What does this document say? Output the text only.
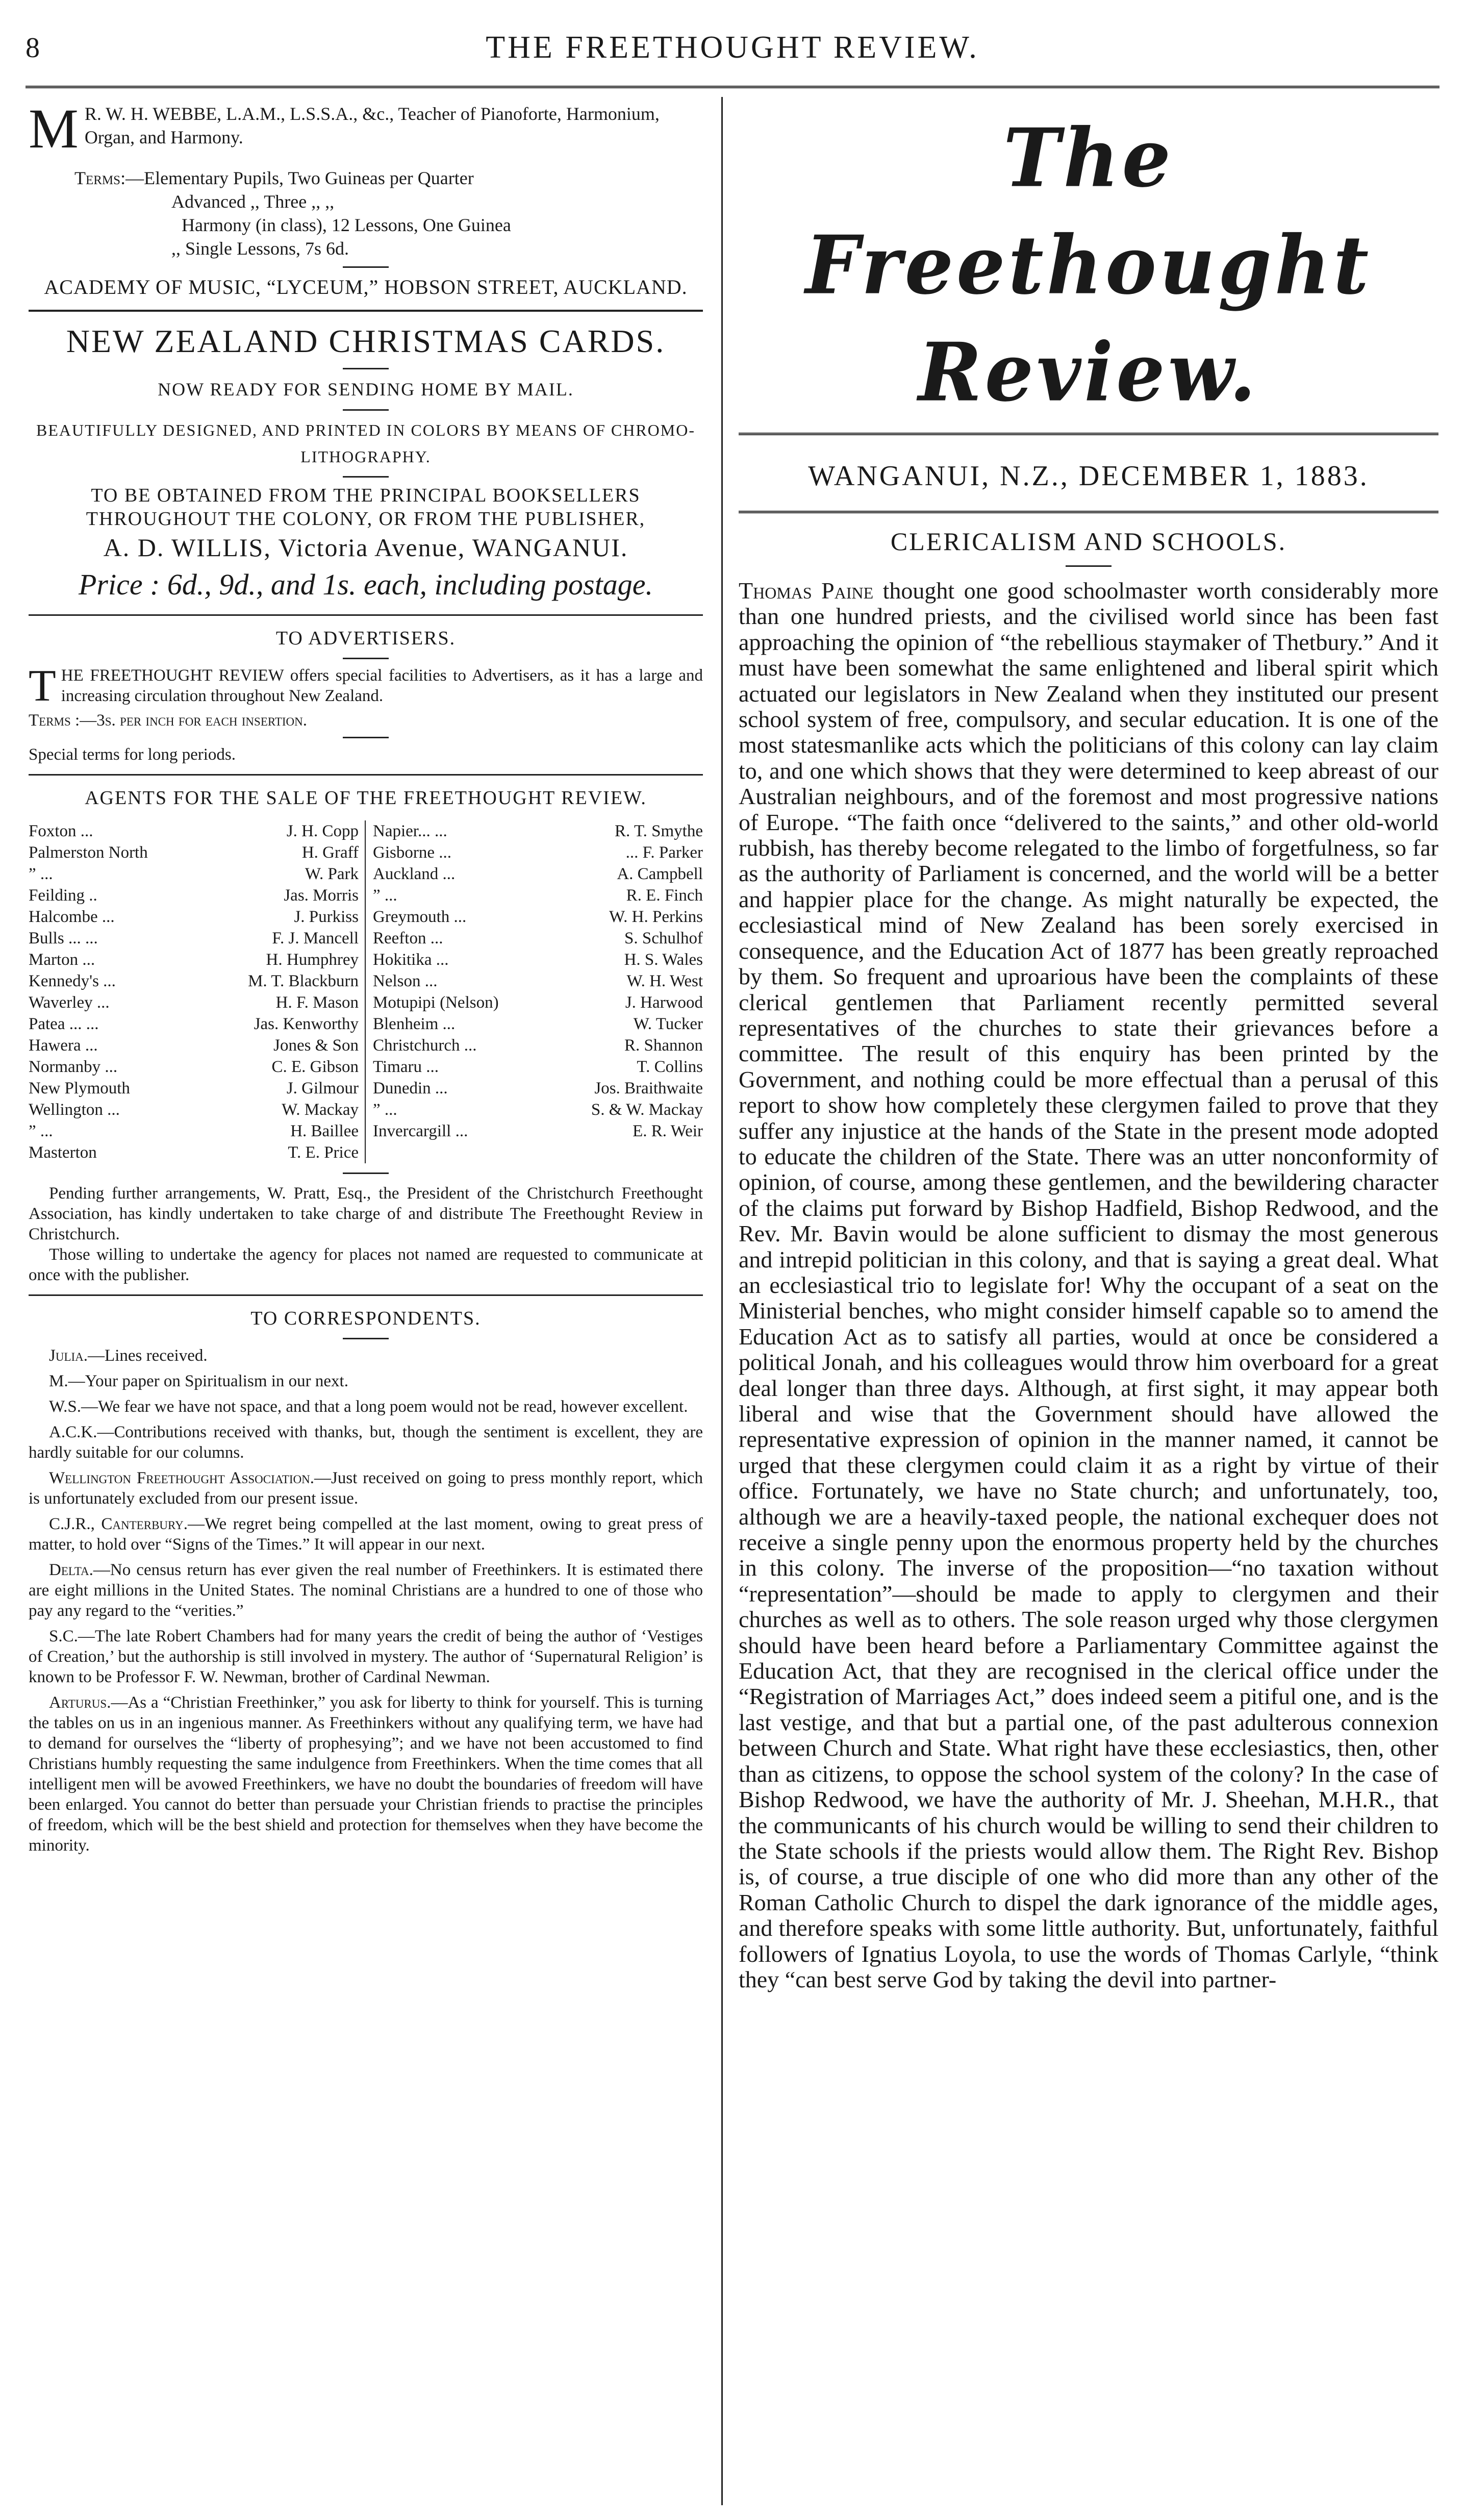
8	THE FREETHOUGHT REVIEW.
M R. W. H. WEBBE, L.A.M., L.S.S.A., &c., Teacher of Pianoforte, Harmonium, Organ, and Harmony.
Terms:—Elementary Pupils, Two Guineas per Quarter
Advanced ,, Three ,, ,,
Harmony (in class), 12 Lessons, One Guinea
,, Single Lessons, 7s 6d.
ACADEMY OF MUSIC, “LYCEUM,” HOBSON STREET, AUCKLAND.
NEW ZEALAND CHRISTMAS CARDS.
NOW READY FOR SENDING HOME BY MAIL.
BEAUTIFULLY DESIGNED, AND PRINTED IN COLORS BY MEANS OF CHROMO-LITHOGRAPHY.
TO BE OBTAINED FROM THE PRINCIPAL BOOKSELLERS THROUGHOUT THE COLONY, OR FROM THE PUBLISHER,
A. D. WILLIS, Victoria Avenue, WANGANUI.
Price : 6d., 9d., and 1s. each, including postage.
TO ADVERTISERS.
T HE FREETHOUGHT REVIEW offers special facilities to Advertisers, as it has a large and increasing circulation throughout New Zealand.
Terms :—3s. per inch for each insertion.
Special terms for long periods.
AGENTS FOR THE SALE OF THE FREETHOUGHT REVIEW.
Foxton ...	J. H. Copp
Palmerston North	H. Graff
” ...	W. Park
Feilding ..	Jas. Morris
Halcombe ...	J. Purkiss
Bulls ... ...	F. J. Mancell
Marton ...	H. Humphrey
Kennedy's ...	M. T. Blackburn
Waverley ...	H. F. Mason
Patea ... ...	Jas. Kenworthy
Hawera ...	Jones & Son
Normanby ...	C. E. Gibson
New Plymouth	J. Gilmour
Wellington ...	W. Mackay
” ...	H. Baillee
Masterton	T. E. Price
Napier... ...	R. T. Smythe
Gisborne ...	... F. Parker
Auckland ...	A. Campbell
” ...	R. E. Finch
Greymouth ...	W. H. Perkins
Reefton ...	S. Schulhof
Hokitika ...	H. S. Wales
Nelson ...	W. H. West
Motupipi (Nelson)	J. Harwood
Blenheim ...	W. Tucker
Christchurch ...	R. Shannon
Timaru ...	T. Collins
Dunedin ...	Jos. Braithwaite
” ...	S. & W. Mackay
Invercargill ...	E. R. Weir
Pending further arrangements, W. Pratt, Esq., the President of the Christchurch Freethought Association, has kindly undertaken to take charge of and distribute The Freethought Review in Christchurch.
Those willing to undertake the agency for places not named are requested to communicate at once with the publisher.
TO CORRESPONDENTS.
Julia.—Lines received.
M.—Your paper on Spiritualism in our next.
W.S.—We fear we have not space, and that a long poem would not be read, however excellent.
A.C.K.—Contributions received with thanks, but, though the sentiment is excellent, they are hardly suitable for our columns.
Wellington Freethought Association.—Just received on going to press monthly report, which is unfortunately excluded from our present issue.
C.J.R., Canterbury.—We regret being compelled at the last moment, owing to great press of matter, to hold over “Signs of the Times.” It will appear in our next.
Delta.—No census return has ever given the real number of Freethinkers. It is estimated there are eight millions in the United States. The nominal Christians are a hundred to one of those who pay any regard to the “verities.”
S.C.—The late Robert Chambers had for many years the credit of being the author of ‘Vestiges of Creation,’ but the authorship is still involved in mystery. The author of ‘Supernatural Religion’ is known to be Professor F. W. Newman, brother of Cardinal Newman.
Arturus.—As a “Christian Freethinker,” you ask for liberty to think for yourself. This is turning the tables on us in an ingenious manner. As Freethinkers without any qualifying term, we have had to demand for ourselves the “liberty of prophesying”; and we have not been accustomed to find Christians humbly requesting the same indulgence from Freethinkers. When the time comes that all intelligent men will be avowed Freethinkers, we have no doubt the boundaries of freedom will have been enlarged. You cannot do better than persuade your Christian friends to practise the principles of freedom, which will be the best shield and protection for themselves when they have become the minority.
The Freethought Review.
WANGANUI, N.Z., DECEMBER 1, 1883.
CLERICALISM AND SCHOOLS.
Thomas Paine thought one good schoolmaster worth considerably more than one hundred priests, and the civilised world since has been fast approaching the opinion of “the rebellious staymaker of Thetbury.” And it must have been somewhat the same enlightened and liberal spirit which actuated our legislators in New Zealand when they instituted our present school system of free, compulsory, and secular education. It is one of the most statesmanlike acts which the politicians of this colony can lay claim to, and one which shows that they were determined to keep abreast of our Australian neighbours, and of the foremost and most progressive nations of Europe. “The faith once “delivered to the saints,” and other old-world rubbish, has thereby become relegated to the limbo of forgetfulness, so far as the authority of Parliament is concerned, and the world will be a better and happier place for the change. As might naturally be expected, the ecclesiastical mind of New Zealand has been sorely exercised in consequence, and the Education Act of 1877 has been greatly reproached by them. So frequent and uproarious have been the complaints of these clerical gentlemen that Parliament recently permitted several representatives of the churches to state their grievances before a committee. The result of this enquiry has been printed by the Government, and nothing could be more effectual than a perusal of this report to show how completely these clergymen failed to prove that they suffer any injustice at the hands of the State in the present mode adopted to educate the children of the State. There was an utter nonconformity of opinion, of course, among these gentlemen, and the bewildering character of the claims put forward by Bishop Hadfield, Bishop Redwood, and the Rev. Mr. Bavin would be alone sufficient to dismay the most generous and intrepid politician in this colony, and that is saying a great deal. What an ecclesiastical trio to legislate for! Why the occupant of a seat on the Ministerial benches, who might consider himself capable so to amend the Education Act as to satisfy all parties, would at once be considered a political Jonah, and his colleagues would throw him overboard for a great deal longer than three days. Although, at first sight, it may appear both liberal and wise that the Government should have allowed the representative expression of opinion in the manner named, it cannot be urged that these clergymen could claim it as a right by virtue of their office. Fortunately, we have no State church; and unfortunately, too, although we are a heavily-taxed people, the national exchequer does not receive a single penny upon the enormous property held by the churches in this colony. The inverse of the proposition—“no taxation without “representation”—should be made to apply to clergymen and their churches as well as to others. The sole reason urged why those clergymen should have been heard before a Parliamentary Committee against the Education Act, that they are recognised in the clerical office under the “Registration of Marriages Act,” does indeed seem a pitiful one, and is the last vestige, and that but a partial one, of the past adulterous connexion between Church and State. What right have these ecclesiastics, then, other than as citizens, to oppose the school system of the colony? In the case of Bishop Redwood, we have the authority of Mr. J. Sheehan, M.H.R., that the communicants of his church would be willing to send their children to the State schools if the priests would allow them. The Right Rev. Bishop is, of course, a true disciple of one who did more than any other of the Roman Catholic Church to dispel the dark ignorance of the middle ages, and therefore speaks with some little authority. But, unfortunately, faithful followers of Ignatius Loyola, to use the words of Thomas Carlyle, “think they “can best serve God by taking the devil into partner-
